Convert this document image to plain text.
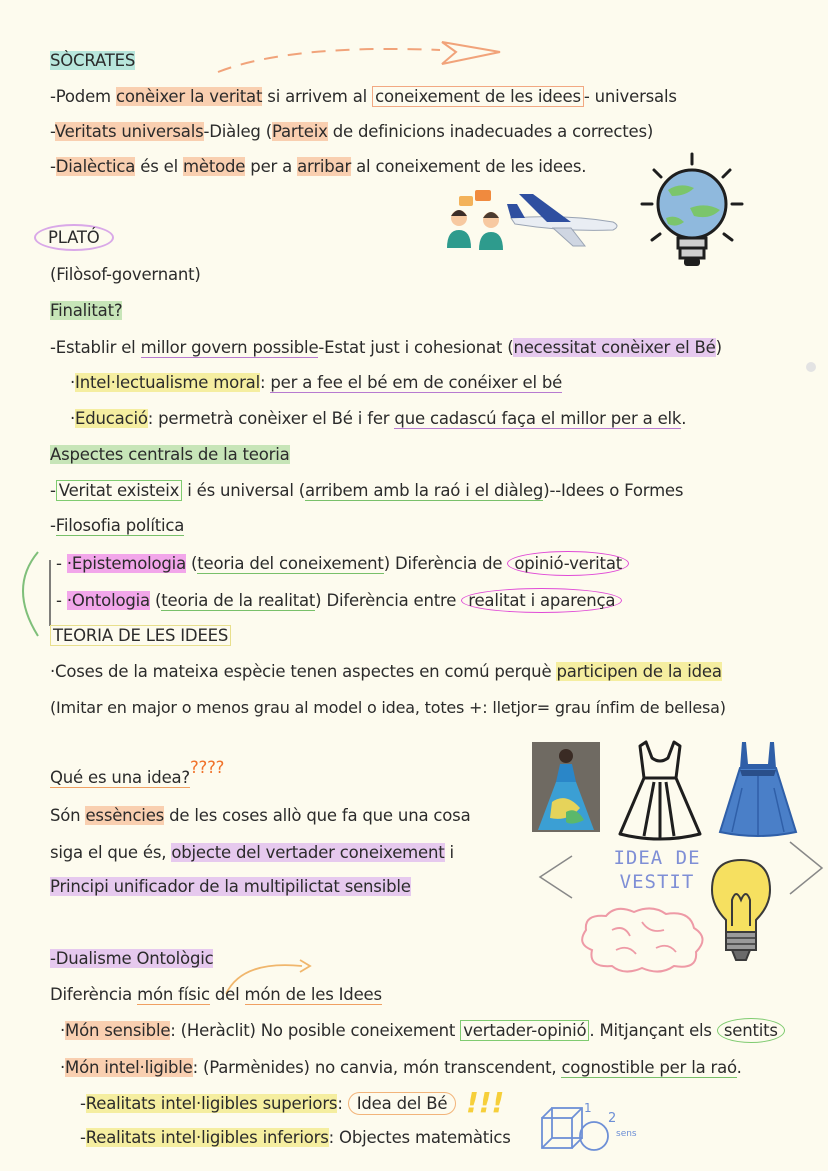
SÒCRATES
-Podem conèixer la veritat si arrivem al coneixement de les idees - universals
-Veritats universals-Diàleg (Parteix de definicions inadecuades a correctes)
-Dialèctica és el mètode per a arribar al coneixement de les idees.
PLATÓ
(Filòsof-governant)
Finalitat?
-Establir el millor govern possible-Estat just i cohesionat (necessitat conèixer el Bé)
·Intel·lectualisme moral: per a fee el bé em de conéixer el bé
·Educació: permetrà conèixer el Bé i fer que cadascú faça el millor per a elk.
Aspectes centrals de la teoria
- Veritat existeix i és universal (arribem amb la raó i el diàleg)--Idees o Formes
-Filosofia política
- ·Epistemologia (teoria del coneixement) Diferència de opinió-veritat
- ·Ontologia (teoria de la realitat) Diferència entre realitat i aparença
TEORIA DE LES IDEES
·Coses de la mateixa espècie tenen aspectes en comú perquè participen de la idea
(Imitar en major o menos grau al model o idea, totes +: lletjor= grau ínfim de bellesa)
Qué es una idea?????
Són essències de les coses allò que fa que una cosa
siga el que és, objecte del vertader coneixement i
Principi unificador de la multipilictat sensible
IDEA DE VESTIT
-Dualisme Ontològic
Diferència món físic del món de les Idees
·Món sensible: (Heràclit) No posible coneixement vertader-opinió . Mitjançant els sentits
·Món intel·ligible: (Parmènides) no canvia, món transcendent, cognostible per la raó.
-Realitats intel·ligibles superiors: Idea del Bé !!!
-Realitats intel·ligibles inferiors: Objectes matemàtics
1
2
sens
